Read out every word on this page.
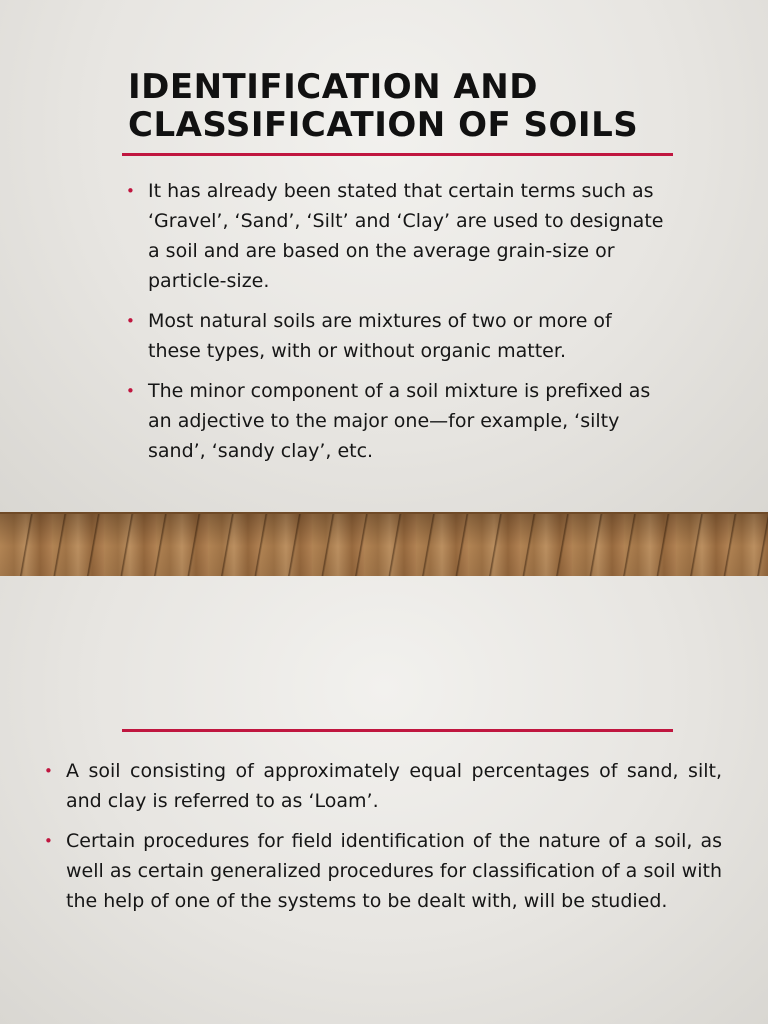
IDENTIFICATION AND CLASSIFICATION OF SOILS
• It has already been stated that certain terms such as ‘Gravel’, ‘Sand’, ‘Silt’ and ‘Clay’ are used to designate a soil and are based on the average grain-size or particle-size.
• Most natural soils are mixtures of two or more of these types, with or without organic matter.
• The minor component of a soil mixture is prefixed as an adjective to the major one—for example, ‘silty sand’, ‘sandy clay’, etc.
• A soil consisting of approximately equal percentages of sand, silt, and clay is referred to as ‘Loam’.
• Certain procedures for field identification of the nature of a soil, as well as certain generalized procedures for classification of a soil with the help of one of the systems to be dealt with, will be studied.
